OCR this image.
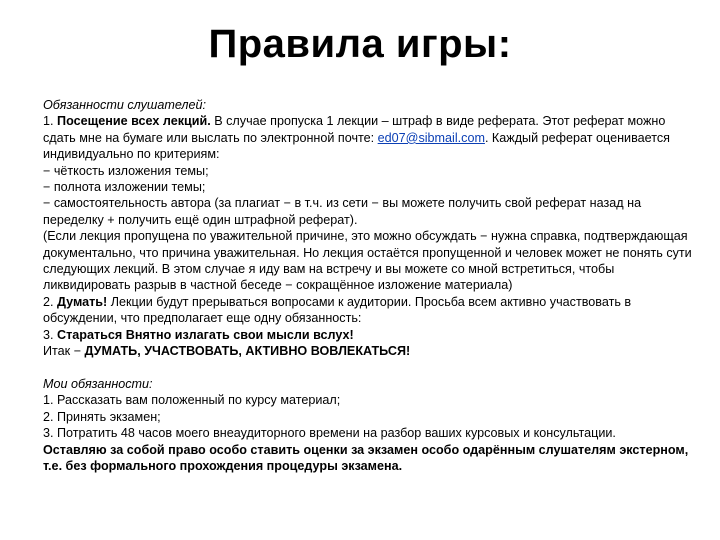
Правила игры:

Обязанности слушателей:

1. Посещение всех лекций. В случае пропуска 1 лекции – штраф в виде реферата. Этот реферат можно сдать мне на бумаге или выслать по электронной почте: ed07@sibmail.com. Каждый реферат оценивается индивидуально по критериям:

− чёткость изложения темы;

− полнота изложении темы;

− самостоятельность автора (за плагиат − в т.ч. из сети − вы можете получить свой реферат назад на переделку + получить ещё один штрафной реферат).

(Если лекция пропущена по уважительной причине, это можно обсуждать − нужна справка, подтверждающая документально, что причина уважительная. Но лекция остаётся пропущенной и человек может не понять сути следующих лекций. В этом случае я иду вам на встречу и вы можете со мной встретиться, чтобы ликвидировать разрыв в частной беседе − сокращённое изложение материала)

2. Думать! Лекции будут прерываться вопросами к аудитории. Просьба всем активно участвовать в обсуждении, что предполагает еще одну обязанность:

3. Стараться Внятно излагать свои мысли вслух!

Итак − ДУМАТЬ, УЧАСТВОВАТЬ, АКТИВНО ВОВЛЕКАТЬСЯ!

Мои обязанности:

1. Рассказать вам положенный по курсу материал;

2. Принять экзамен;

3. Потратить 48 часов моего внеаудиторного времени на разбор ваших курсовых и консультации.

Оставляю за собой право особо ставить оценки за экзамен особо одарённым слушателям экстерном, т.е. без формального прохождения процедуры экзамена.
